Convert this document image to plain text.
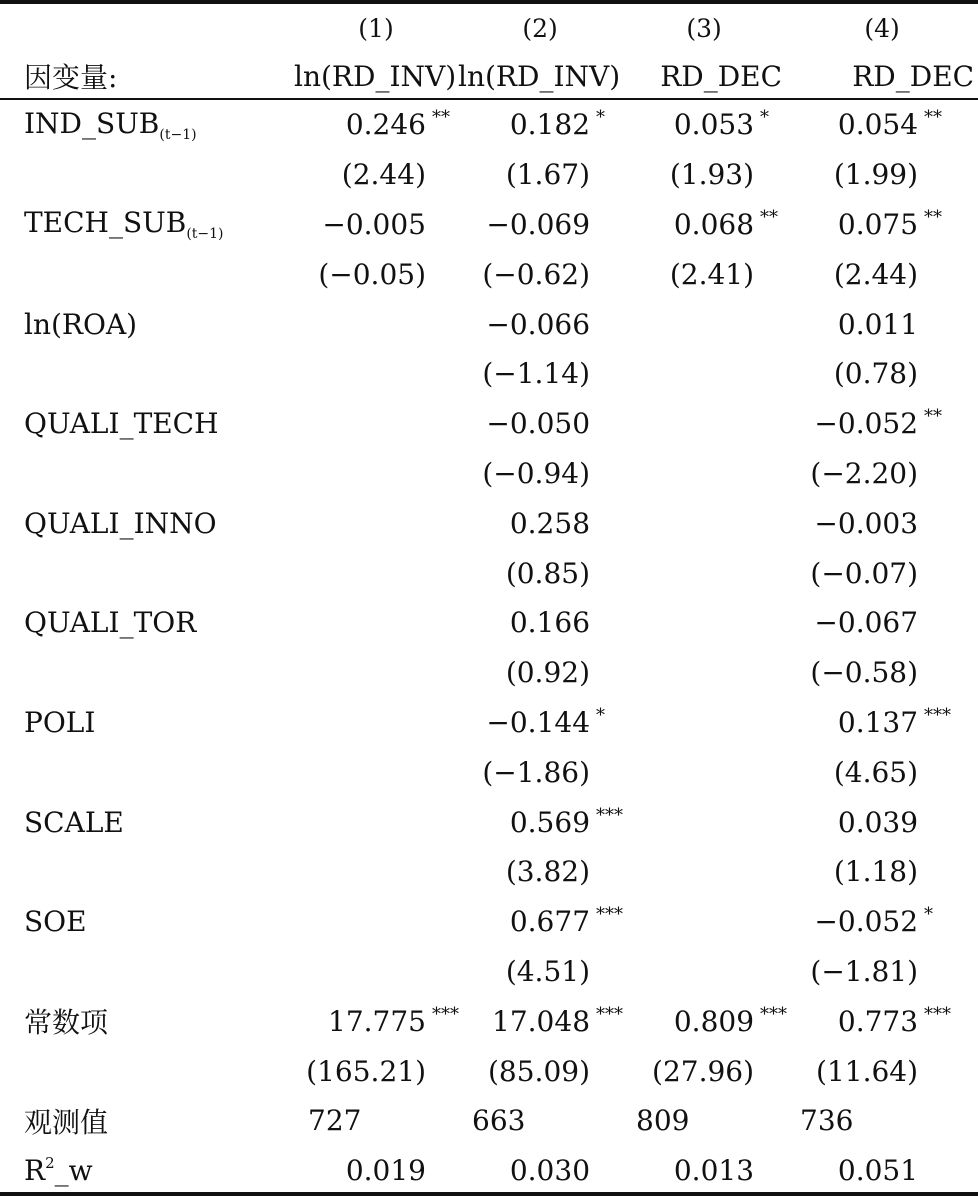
	(1)		(2)		(3)		(4)	
因变量:	ln(RD_INV)		ln(RD_INV)		RD_DEC		RD_DEC	
$IND\_SUB_{(t-1)}$	0.246	**	0.182	*	0.053	*	0.054	**
	(2.44)		(1.67)		(1.93)		(1.99)	
$TECH\_SUB_{(t-1)}$	−0.005		−0.069		0.068	**	0.075	**
	(−0.05)		(−0.62)		(2.41)		(2.44)	
ln(ROA)			−0.066				0.011	
			(−1.14)				(0.78)	
QUALI_TECH			−0.050				−0.052	**
			(−0.94)				(−2.20)	
QUALI_INNO			0.258				−0.003	
			(0.85)				(−0.07)	
QUALI_TOR			0.166				−0.067	
			(0.92)				(−0.58)	
POLI			−0.144	*			0.137	***
			(−1.86)				(4.65)	
SCALE			0.569	***			0.039	
			(3.82)				(1.18)	
SOE			0.677	***			−0.052	*
			(4.51)				(−1.81)	
常数项	17.775	***	17.048	***	0.809	***	0.773	***
	(165.21)		(85.09)		(27.96)		(11.64)	
观测值	727		663		809		736	
$R^2\_w$	0.019		0.030		0.013		0.051	
